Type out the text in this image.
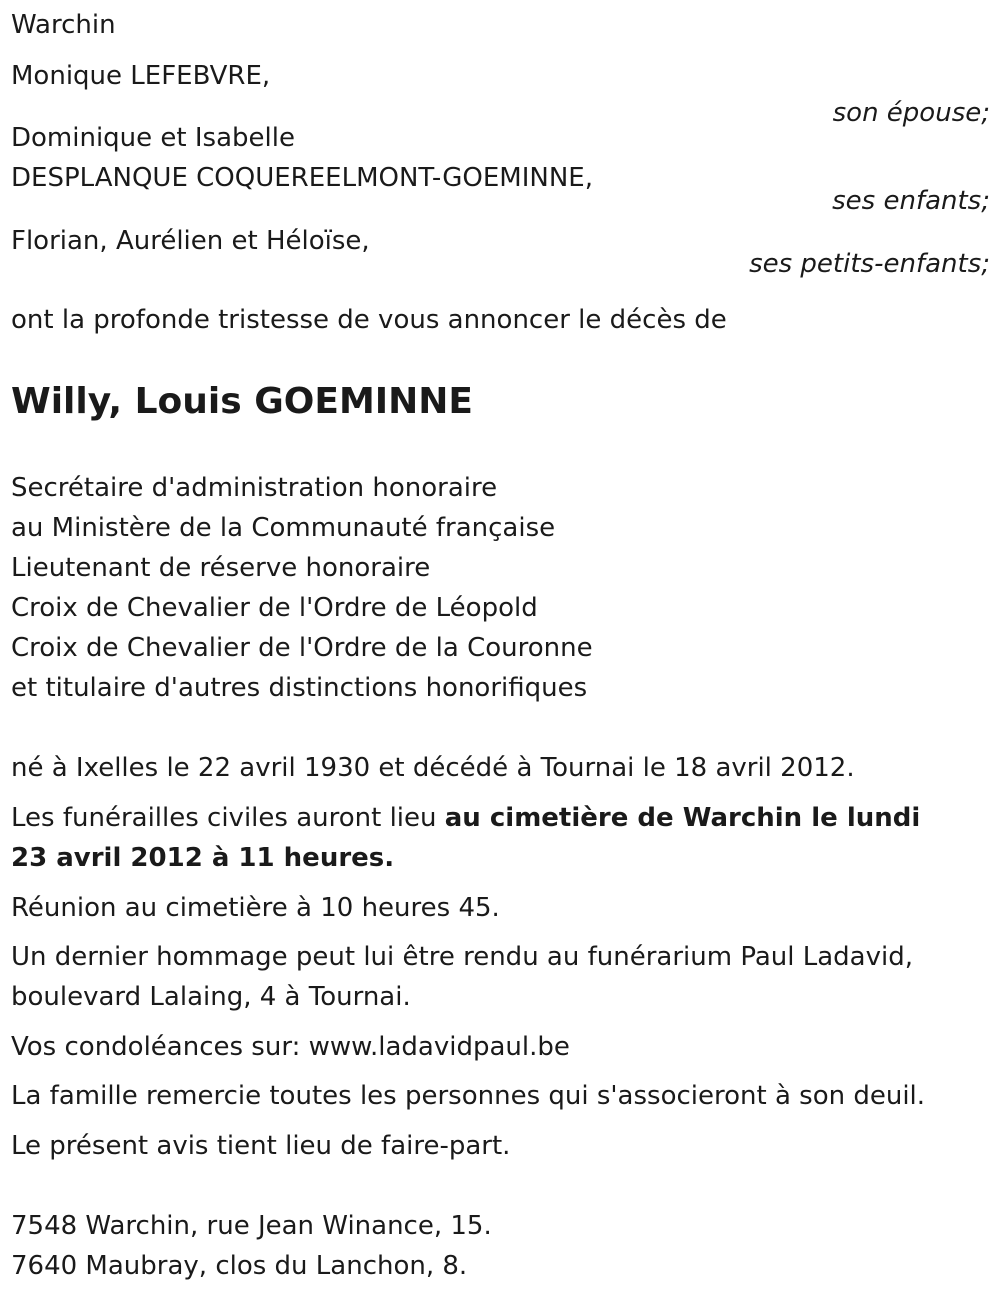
Warchin
Monique LEFEBVRE,
son épouse;
Dominique et Isabelle
DESPLANQUE COQUEREELMONT-GOEMINNE,
ses enfants;
Florian, Aurélien et Héloïse,
ses petits-enfants;
ont la profonde tristesse de vous annoncer le décès de
Willy, Louis GOEMINNE
Secrétaire d'administration honoraire
au Ministère de la Communauté française
Lieutenant de réserve honoraire
Croix de Chevalier de l'Ordre de Léopold
Croix de Chevalier de l'Ordre de la Couronne
et titulaire d'autres distinctions honorifiques
né à Ixelles le 22 avril 1930 et décédé à Tournai le 18 avril 2012.

Les funérailles civiles auront lieu au cimetière de Warchin le lundi 23 avril 2012 à 11 heures.

Réunion au cimetière à 10 heures 45.
Un dernier hommage peut lui être rendu au funérarium Paul Ladavid,
boulevard Lalaing, 4 à Tournai.
Vos condoléances sur: www.ladavidpaul.be
La famille remercie toutes les personnes qui s'associeront à son deuil.
Le présent avis tient lieu de faire-part.
7548 Warchin, rue Jean Winance, 15.
7640 Maubray, clos du Lanchon, 8.
